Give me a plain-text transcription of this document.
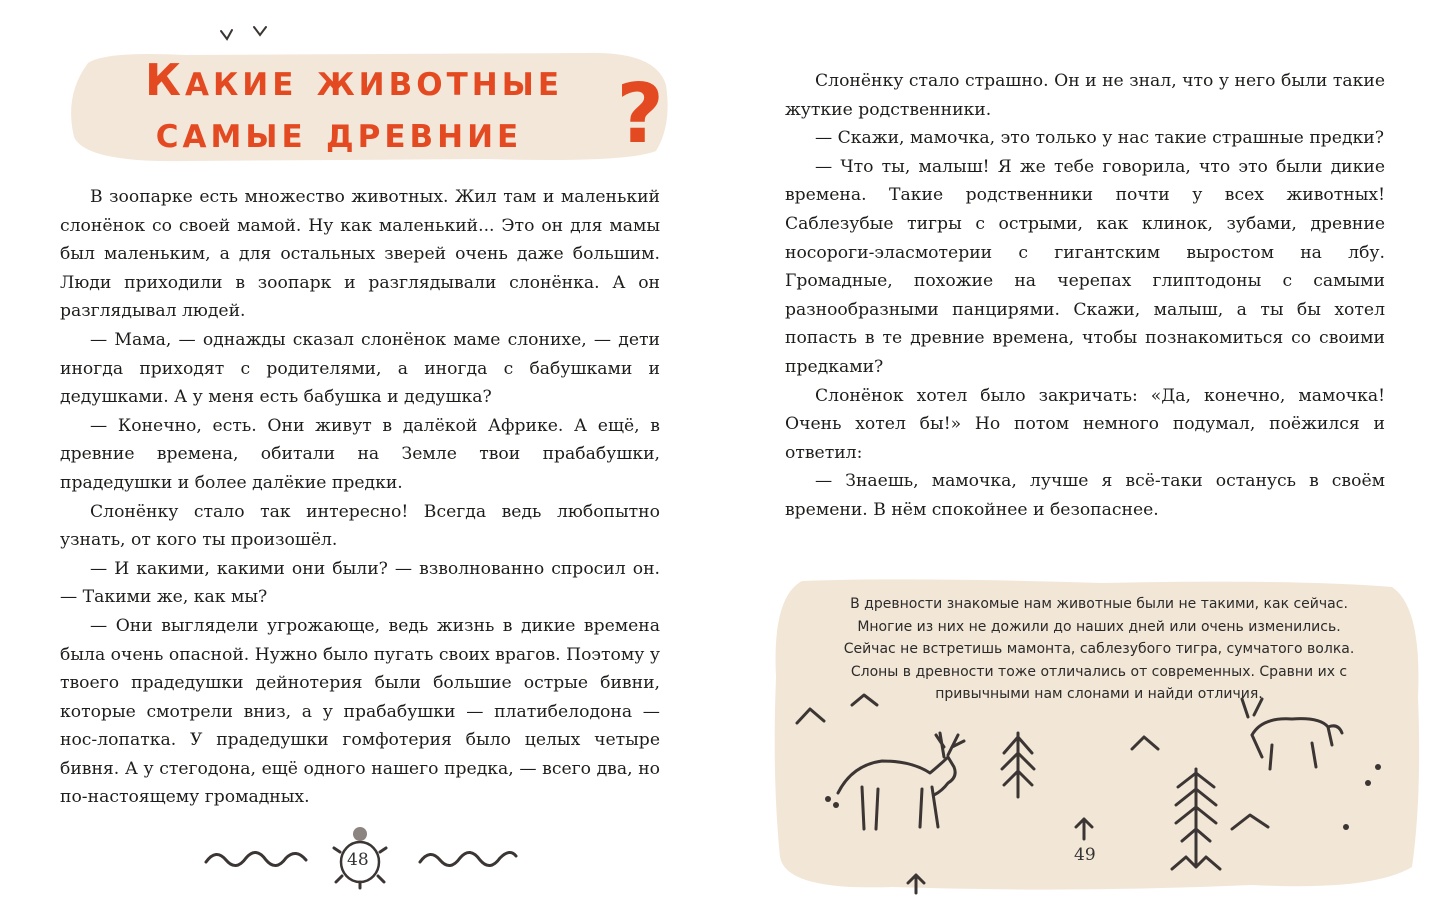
Какие животные
самые древние	?

В зоопарке есть множество животных. Жил там и маленький слонёнок со своей мамой. Ну как маленький... Это он для мамы был маленьким, а для остальных зверей очень даже большим. Люди приходили в зоопарк и разглядывали слонёнка. А он разглядывал людей.

— Мама, — однажды сказал слонёнок маме слонихе, — дети иногда приходят с родителями, а иногда с бабушками и дедушками. А у меня есть бабушка и дедушка?

— Конечно, есть. Они живут в далёкой Африке. А ещё, в древние времена, обитали на Земле твои прабабушки, прадедушки и более далёкие предки.

Слонёнку стало так интересно! Всегда ведь любопытно узнать, от кого ты произошёл.

— И какими, какими они были? — взволнованно спросил он. — Такими же, как мы?

— Они выглядели угрожающе, ведь жизнь в дикие времена была очень опасной. Нужно было пугать своих врагов. Поэтому у твоего прадедушки дейнотерия были большие острые бивни, которые смотрели вниз, а у прабабушки — платибелодона — нос-лопатка. У прадедушки гомфотерия было целых четыре бивня. А у стегодона, ещё одного нашего предка, — всего два, но по-настоящему громадных.

48

Слонёнку стало страшно. Он и не знал, что у него были такие жуткие родственники.

— Скажи, мамочка, это только у нас такие страшные предки?

— Что ты, малыш! Я же тебе говорила, что это были дикие времена. Такие родственники почти у всех животных! Саблезубые тигры с острыми, как клинок, зубами, древние носороги-эласмотерии с гигантским выростом на лбу. Громадные, похожие на черепах глиптодоны с самыми разнообразными панцирями. Скажи, малыш, а ты бы хотел попасть в те древние времена, чтобы познакомиться со своими предками?

Слонёнок хотел было закричать: «Да, конечно, мамочка! Очень хотел бы!» Но потом немного подумал, поёжился и ответил:

— Знаешь, мамочка, лучше я всё-таки останусь в своём времени. В нём спокойнее и безопаснее.

В древности знакомые нам животные были не такими, как сейчас. Многие из них не дожили до наших дней или очень изменились. Сейчас не встретишь мамонта, саблезубого тигра, сумчатого волка. Слоны в древности тоже отличались от современных. Сравни их с привычными нам слонами и найди отличия.
49
